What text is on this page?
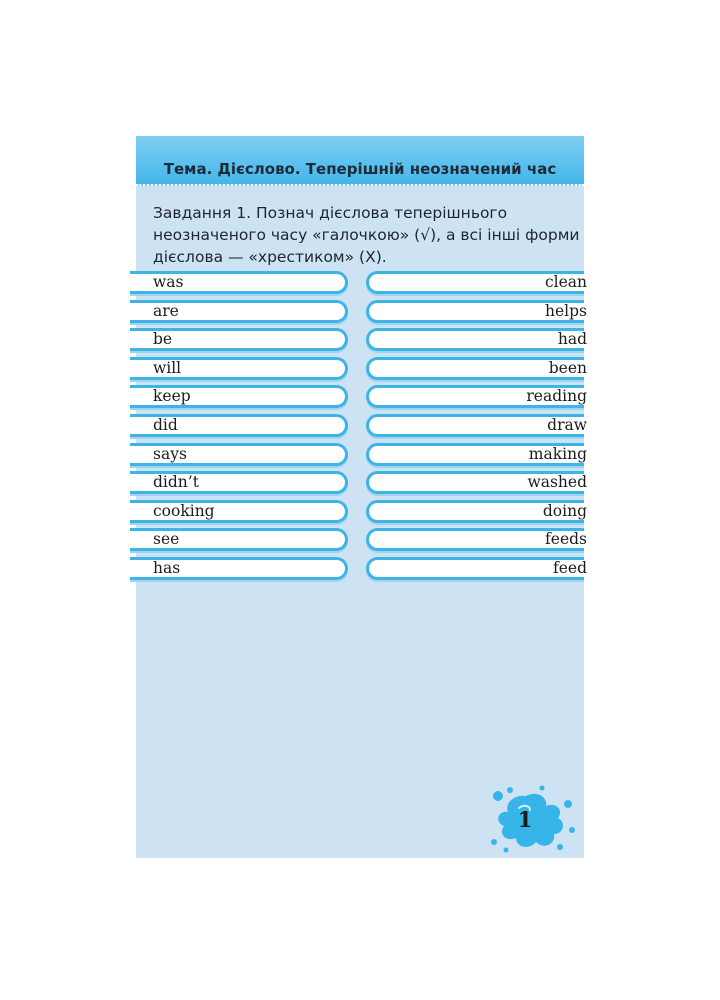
Тема. Дієслово. Теперішній неозначений час

Завдання 1. Познач дієслова теперішнього
неозначеного часу «галочкою» (√), а всі інші форми
дієслова — «хрестиком» (Х).

was
are
be
will
keep
did
says
didn’t
cooking
see
has
clean
helps
had
been
reading
draw
making
washed
doing
feeds
feed
1
